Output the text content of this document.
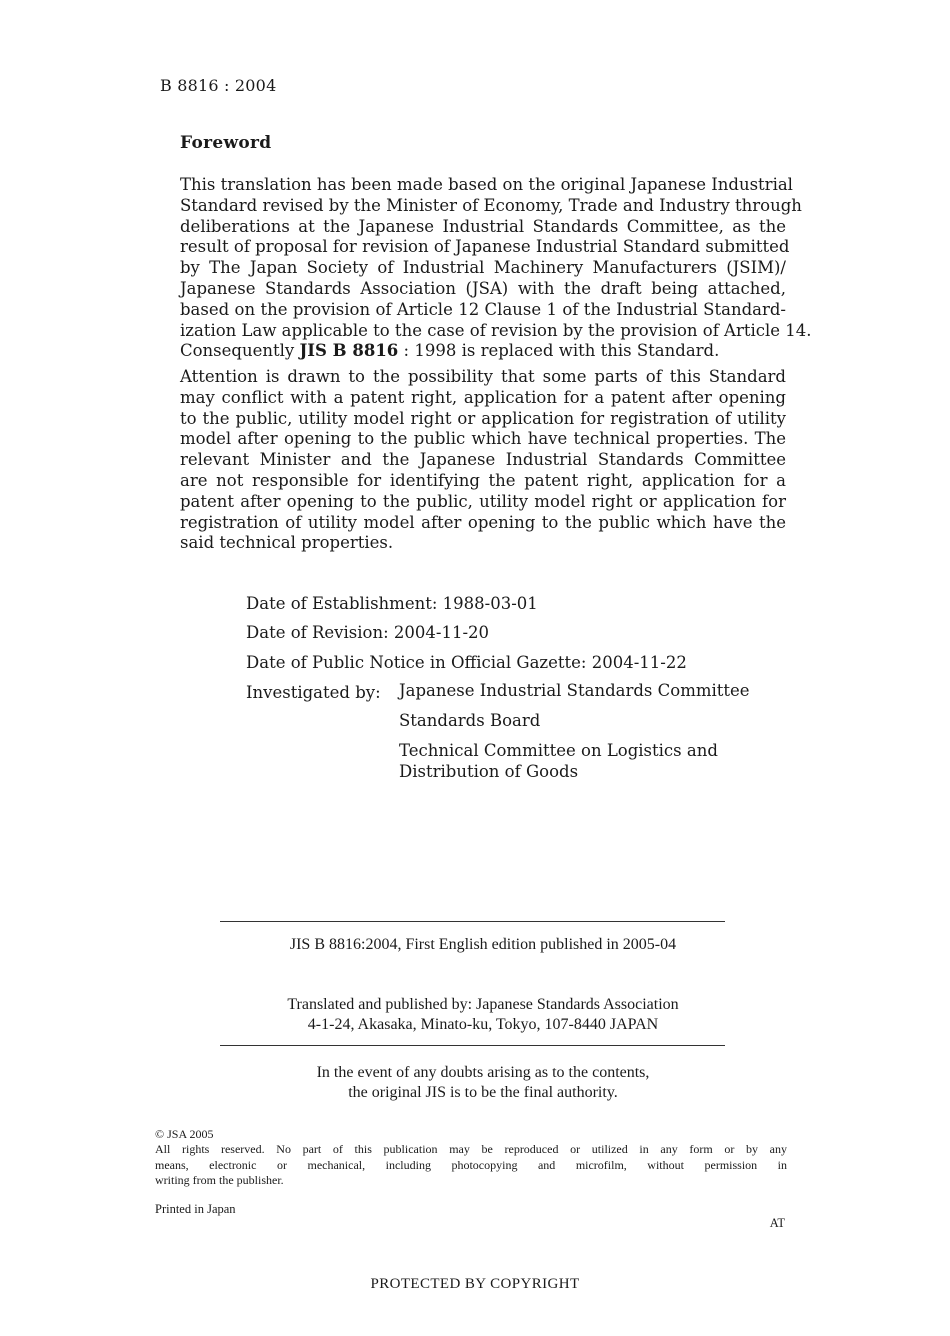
B 8816 : 2004
Foreword
This translation has been made based on the original Japanese Industrial
Standard revised by the Minister of Economy, Trade and Industry through
deliberations at the Japanese Industrial Standards Committee, as the
result of proposal for revision of Japanese Industrial Standard submitted
by The Japan Society of Industrial Machinery Manufacturers (JSIM)/
Japanese Standards Association (JSA) with the draft being attached,
based on the provision of Article 12 Clause 1 of the Industrial Standard-
ization Law applicable to the case of revision by the provision of Article 14.
Consequently JIS B 8816 : 1998 is replaced with this Standard.
Attention is drawn to the possibility that some parts of this Standard
may conflict with a patent right, application for a patent after opening
to the public, utility model right or application for registration of utility
model after opening to the public which have technical properties. The
relevant Minister and the Japanese Industrial Standards Committee
are not responsible for identifying the patent right, application for a
patent after opening to the public, utility model right or application for
registration of utility model after opening to the public which have the
said technical properties.
Date of Establishment: 1988-03-01
Date of Revision: 2004-11-20
Date of Public Notice in Official Gazette: 2004-11-22
Investigated by: Japanese Industrial Standards Committee
Standards Board
Technical Committee on Logistics and
Distribution of Goods
JIS B 8816:2004, First English edition published in 2005-04
Translated and published by: Japanese Standards Association
4-1-24, Akasaka, Minato-ku, Tokyo, 107-8440 JAPAN
In the event of any doubts arising as to the contents,
the original JIS is to be the final authority.
© JSA 2005
All rights reserved. No part of this publication may be reproduced or utilized in any form or by any
means, electronic or mechanical, including photocopying and microfilm, without permission in
writing from the publisher.
Printed in Japan
AT
PROTECTED BY COPYRIGHT
